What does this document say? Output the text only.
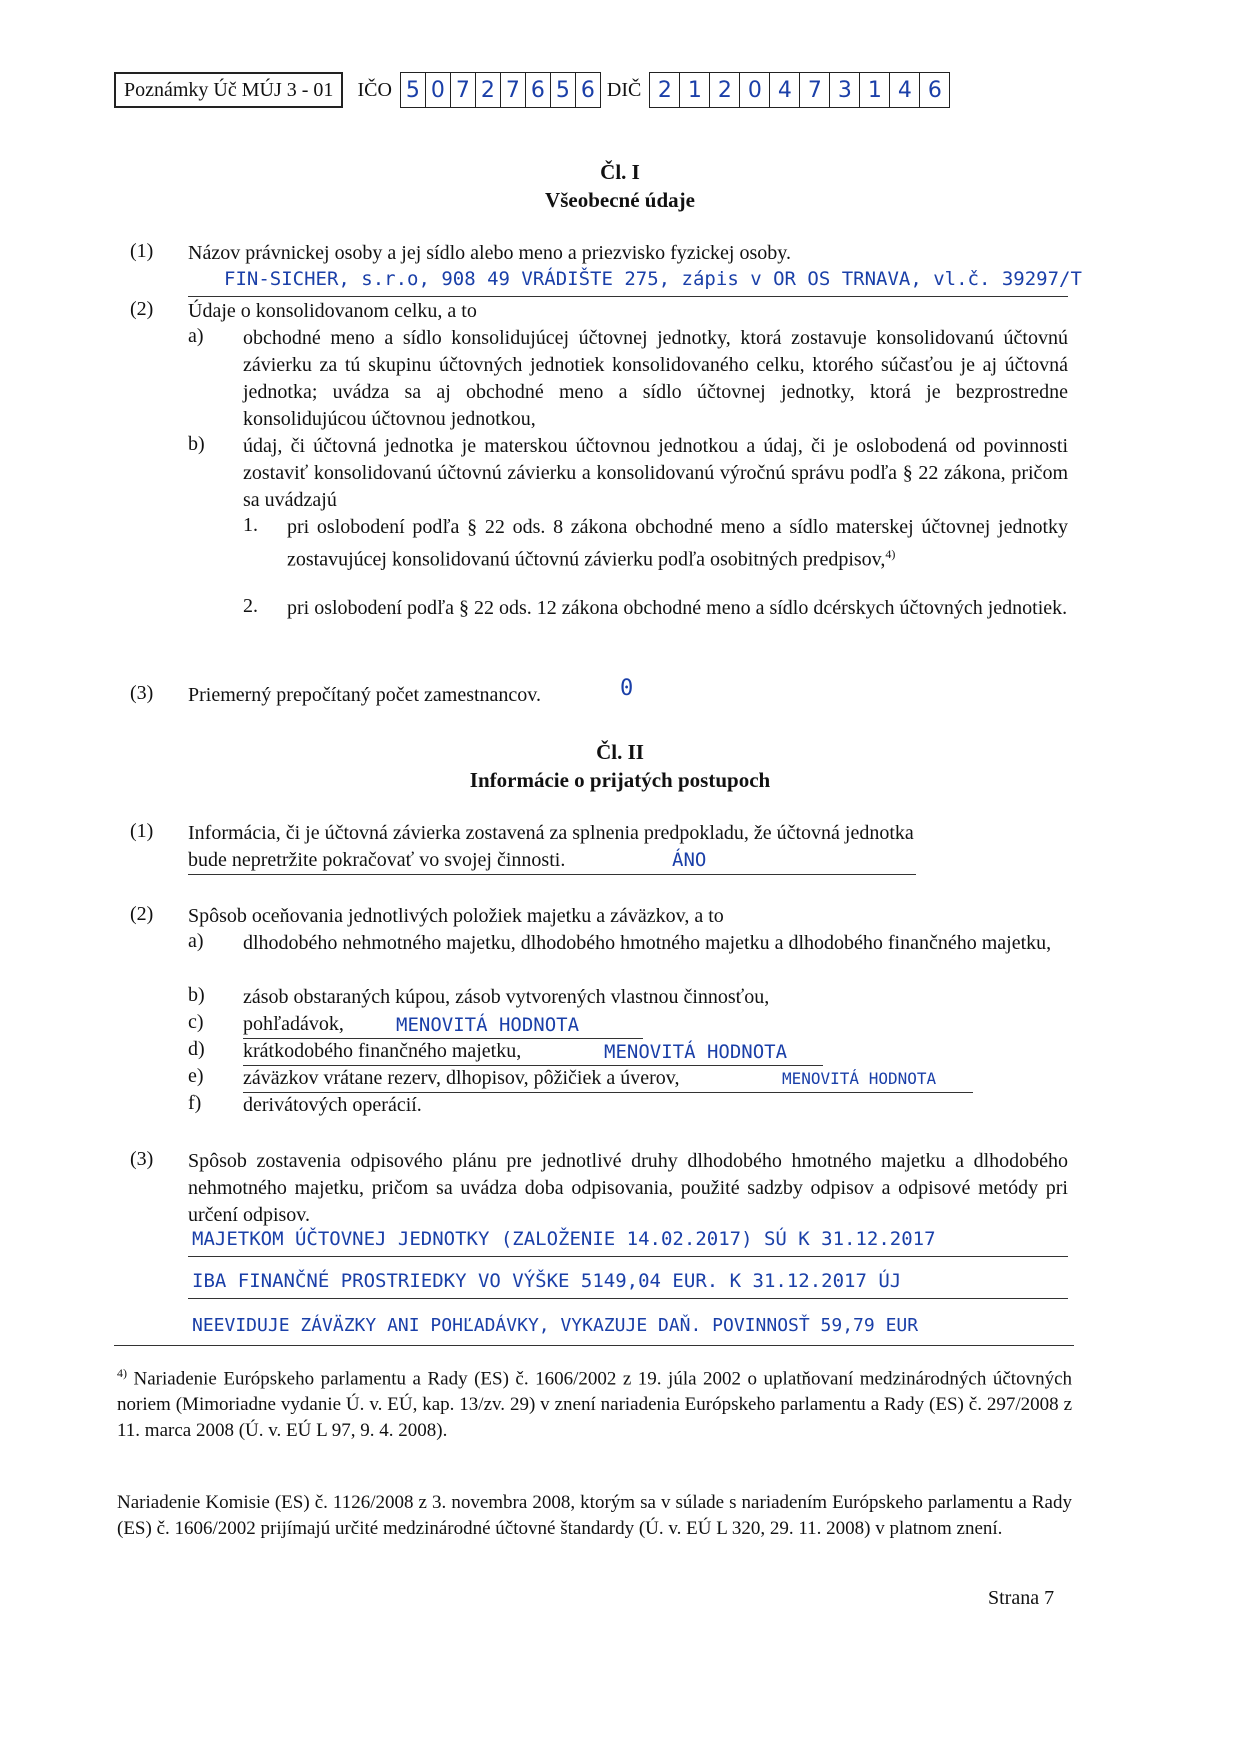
Poznámky Úč MÚJ 3 - 01	IČO 5 0 7 2 7 6 5 6 DIČ 2 1 2 0 4 7 3 1 4 6
Čl. I
Všeobecné údaje
(1) Názov právnickej osoby a jej sídlo alebo meno a priezvisko fyzickej osoby.
FIN-SICHER, s.r.o, 908 49 VRÁDIŠTE 275, zápis v OR OS TRNAVA, vl.č. 39297/T
(2) Údaje o konsolidovanom celku, a to
a) obchodné meno a sídlo konsolidujúcej účtovnej jednotky, ktorá zostavuje konsolidovanú účtovnú závierku za tú skupinu účtovných jednotiek konsolidovaného celku, ktorého súčasťou je aj účtovná jednotka; uvádza sa aj obchodné meno a sídlo účtovnej jednotky, ktorá je bezprostredne konsolidujúcou účtovnou jednotkou,
b) údaj, či účtovná jednotka je materskou účtovnou jednotkou a údaj, či je oslobodená od povinnosti zostaviť konsolidovanú účtovnú závierku a konsolidovanú výročnú správu podľa § 22 zákona, pričom sa uvádzajú
1. pri oslobodení podľa § 22 ods. 8 zákona obchodné meno a sídlo materskej účtovnej jednotky zostavujúcej konsolidovanú účtovnú závierku podľa osobitných predpisov,$^{4)}$
2. pri oslobodení podľa § 22 ods. 12 zákona obchodné meno a sídlo dcérskych účtovných jednotiek.
(3) Priemerný prepočítaný počet zamestnancov.	0
Čl. II
Informácie o prijatých postupoch
(1) Informácia, či je účtovná závierka zostavená za splnenia predpokladu, že účtovná jednotka
bude nepretržite pokračovať vo svojej činnosti.	ÁNO
(2) Spôsob oceňovania jednotlivých položiek majetku a záväzkov, a to
a) dlhodobého nehmotného majetku, dlhodobého hmotného majetku a dlhodobého finančného majetku,
b) zásob obstaraných kúpou, zásob vytvorených vlastnou činnosťou,
c) pohľadávok,	MENOVITÁ HODNOTA
d) krátkodobého finančného majetku,	MENOVITÁ HODNOTA
e) záväzkov vrátane rezerv, dlhopisov, pôžičiek a úverov,	MENOVITÁ HODNOTA
f) derivátových operácií.
(3) Spôsob zostavenia odpisového plánu pre jednotlivé druhy dlhodobého hmotného majetku a dlhodobého nehmotného majetku, pričom sa uvádza doba odpisovania, použité sadzby odpisov a odpisové metódy pri určení odpisov.
MAJETKOM ÚČTOVNEJ JEDNOTKY (ZALOŽENIE 14.02.2017) SÚ K 31.12.2017
IBA FINANČNÉ PROSTRIEDKY VO VÝŠKE 5149,04 EUR. K 31.12.2017 ÚJ
NEEVIDUJE ZÁVÄZKY ANI POHĽADÁVKY, VYKAZUJE DAŇ. POVINNOSŤ 59,79 EUR
$^{4)}$ Nariadenie Európskeho parlamentu a Rady (ES) č. 1606/2002 z 19. júla 2002 o uplatňovaní medzinárodných účtovných noriem (Mimoriadne vydanie Ú. v. EÚ, kap. 13/zv. 29) v znení nariadenia Európskeho parlamentu a Rady (ES) č. 297/2008 z 11. marca 2008 (Ú. v. EÚ L 97, 9. 4. 2008).
Nariadenie Komisie (ES) č. 1126/2008 z 3. novembra 2008, ktorým sa v súlade s nariadením Európskeho parlamentu a Rady (ES) č. 1606/2002 prijímajú určité medzinárodné účtovné štandardy (Ú. v. EÚ L 320, 29. 11. 2008) v platnom znení.
Strana 7
